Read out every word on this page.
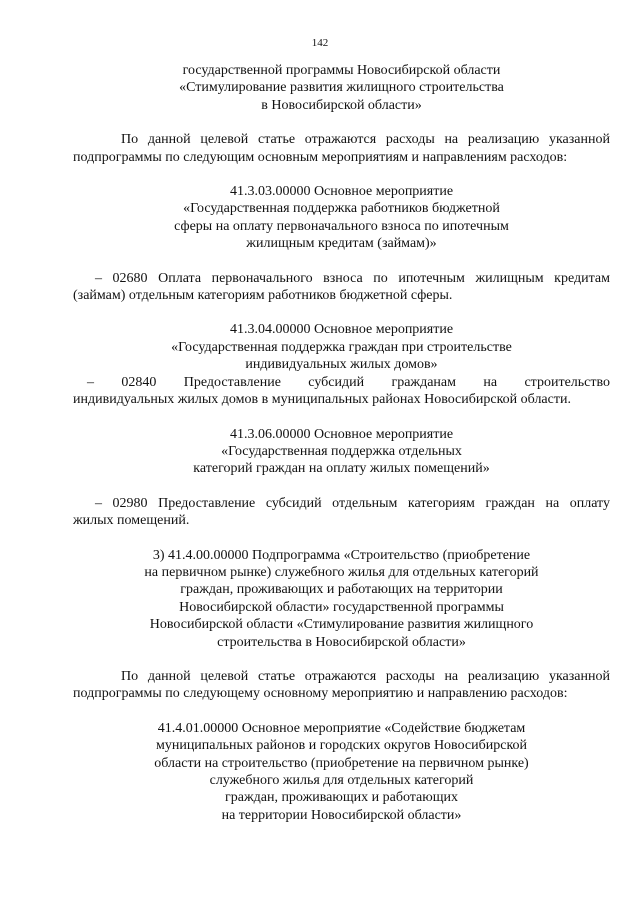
142
государственной программы Новосибирской области
«Стимулирование развития жилищного строительства
в Новосибирской области»
По данной целевой статье отражаются расходы на реализацию указанной
подпрограммы по следующим основным мероприятиям и направлениям расходов:
41.3.03.00000 Основное мероприятие
«Государственная поддержка работников бюджетной
сферы на оплату первоначального взноса по ипотечным
жилищным кредитам (займам)»
– 02680 Оплата первоначального взноса по ипотечным жилищным кредитам
(займам) отдельным категориям работников бюджетной сферы.
41.3.04.00000 Основное мероприятие
«Государственная поддержка граждан при строительстве
индивидуальных жилых домов»
– 02840 Предоставление субсидий гражданам на строительство
индивидуальных жилых домов в муниципальных районах Новосибирской области.
41.3.06.00000 Основное мероприятие
«Государственная поддержка отдельных
категорий граждан на оплату жилых помещений»
– 02980 Предоставление субсидий отдельным категориям граждан на оплату
жилых помещений.
3) 41.4.00.00000 Подпрограмма «Строительство (приобретение
на первичном рынке) служебного жилья для отдельных категорий
граждан, проживающих и работающих на территории
Новосибирской области» государственной программы
Новосибирской области «Стимулирование развития жилищного
строительства в Новосибирской области»
По данной целевой статье отражаются расходы на реализацию указанной
подпрограммы по следующему основному мероприятию и направлению расходов:
41.4.01.00000 Основное мероприятие «Содействие бюджетам
муниципальных районов и городских округов Новосибирской
области на строительство (приобретение на первичном рынке)
служебного жилья для отдельных категорий
граждан, проживающих и работающих
на территории Новосибирской области»
